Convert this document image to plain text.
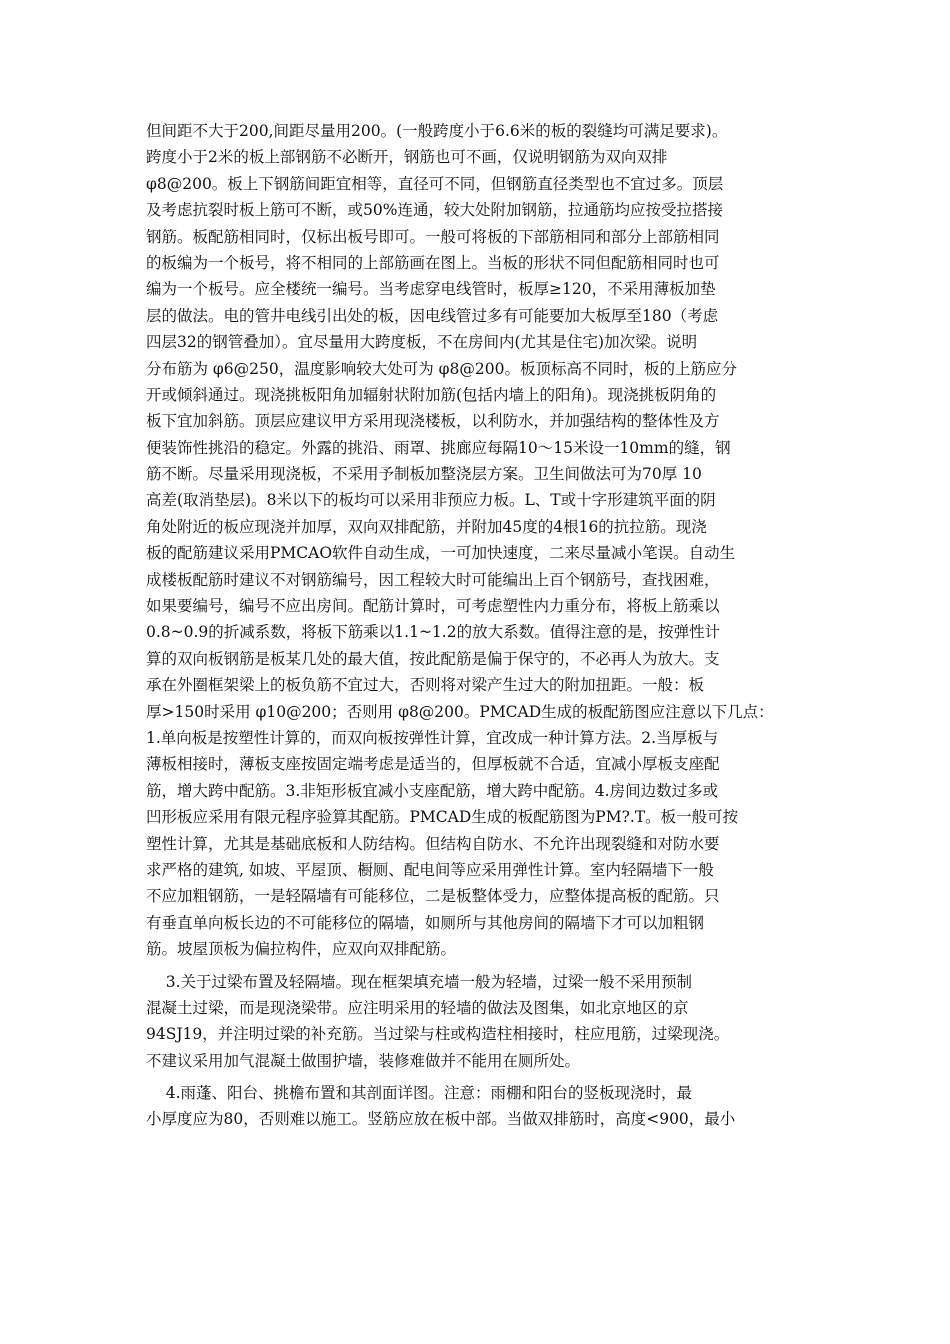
但间距不大于200,间距尽量用200。(一般跨度小于6.6米的板的裂缝均可满足要求)。
跨度小于2米的板上部钢筋不必断开，钢筋也可不画，仅说明钢筋为双向双排
φ8@200。板上下钢筋间距宜相等，直径可不同，但钢筋直径类型也不宜过多。顶层
及考虑抗裂时板上筋可不断，或50%连通，较大处附加钢筋，拉通筋均应按受拉搭接
钢筋。板配筋相同时，仅标出板号即可。一般可将板的下部筋相同和部分上部筋相同
的板编为一个板号，将不相同的上部筋画在图上。当板的形状不同但配筋相同时也可
编为一个板号。应全楼统一编号。当考虑穿电线管时，板厚≥120，不采用薄板加垫
层的做法。电的管井电线引出处的板，因电线管过多有可能要加大板厚至180（考虑
四层32的钢管叠加）。宜尽量用大跨度板，不在房间内(尤其是住宅)加次梁。说明
分布筋为 φ6@250，温度影响较大处可为 φ8@200。板顶标高不同时，板的上筋应分
开或倾斜通过。现浇挑板阳角加辐射状附加筋(包括内墙上的阳角)。现浇挑板阴角的
板下宜加斜筋。顶层应建议甲方采用现浇楼板，以利防水，并加强结构的整体性及方
便装饰性挑沿的稳定。外露的挑沿、雨罩、挑廊应每隔10～15米设一10mm的缝，钢
筋不断。尽量采用现浇板，不采用予制板加整浇层方案。卫生间做法可为70厚 10
高差(取消垫层)。8米以下的板均可以采用非预应力板。L、T或十字形建筑平面的阴
角处附近的板应现浇并加厚，双向双排配筋，并附加45度的4根16的抗拉筋。现浇
板的配筋建议采用PMCAO软件自动生成，一可加快速度，二来尽量减小笔误。自动生
成楼板配筋时建议不对钢筋编号，因工程较大时可能编出上百个钢筋号，查找困难，
如果要编号，编号不应出房间。配筋计算时，可考虑塑性内力重分布，将板上筋乘以
0.8~0.9的折减系数，将板下筋乘以1.1~1.2的放大系数。值得注意的是，按弹性计
算的双向板钢筋是板某几处的最大值，按此配筋是偏于保守的，不必再人为放大。支
承在外圈框架梁上的板负筋不宜过大，否则将对梁产生过大的附加扭距。一般：板
厚>150时采用 φ10@200；否则用 φ8@200。PMCAD生成的板配筋图应注意以下几点：
1.单向板是按塑性计算的，而双向板按弹性计算，宜改成一种计算方法。2.当厚板与
薄板相接时，薄板支座按固定端考虑是适当的，但厚板就不合适，宜减小厚板支座配
筋，增大跨中配筋。3.非矩形板宜减小支座配筋，增大跨中配筋。4.房间边数过多或
凹形板应采用有限元程序验算其配筋。PMCAD生成的板配筋图为PM?.T。板一般可按
塑性计算，尤其是基础底板和人防结构。但结构自防水、不允许出现裂缝和对防水要
求严格的建筑, 如坡、平屋顶、橱厕、配电间等应采用弹性计算。室内轻隔墙下一般
不应加粗钢筋，一是轻隔墙有可能移位，二是板整体受力，应整体提高板的配筋。只
有垂直单向板长边的不可能移位的隔墙，如厕所与其他房间的隔墙下才可以加粗钢
筋。坡屋顶板为偏拉构件，应双向双排配筋。
3.关于过梁布置及轻隔墙。现在框架填充墙一般为轻墙，过梁一般不采用预制
混凝土过梁，而是现浇梁带。应注明采用的轻墙的做法及图集，如北京地区的京
94SJ19，并注明过梁的补充筋。当过梁与柱或构造柱相接时，柱应甩筋，过梁现浇。
不建议采用加气混凝土做围护墙，装修难做并不能用在厕所处。
4.雨蓬、阳台、挑檐布置和其剖面详图。注意：雨棚和阳台的竖板现浇时，最
小厚度应为80，否则难以施工。竖筋应放在板中部。当做双排筋时，高度<900，最小
